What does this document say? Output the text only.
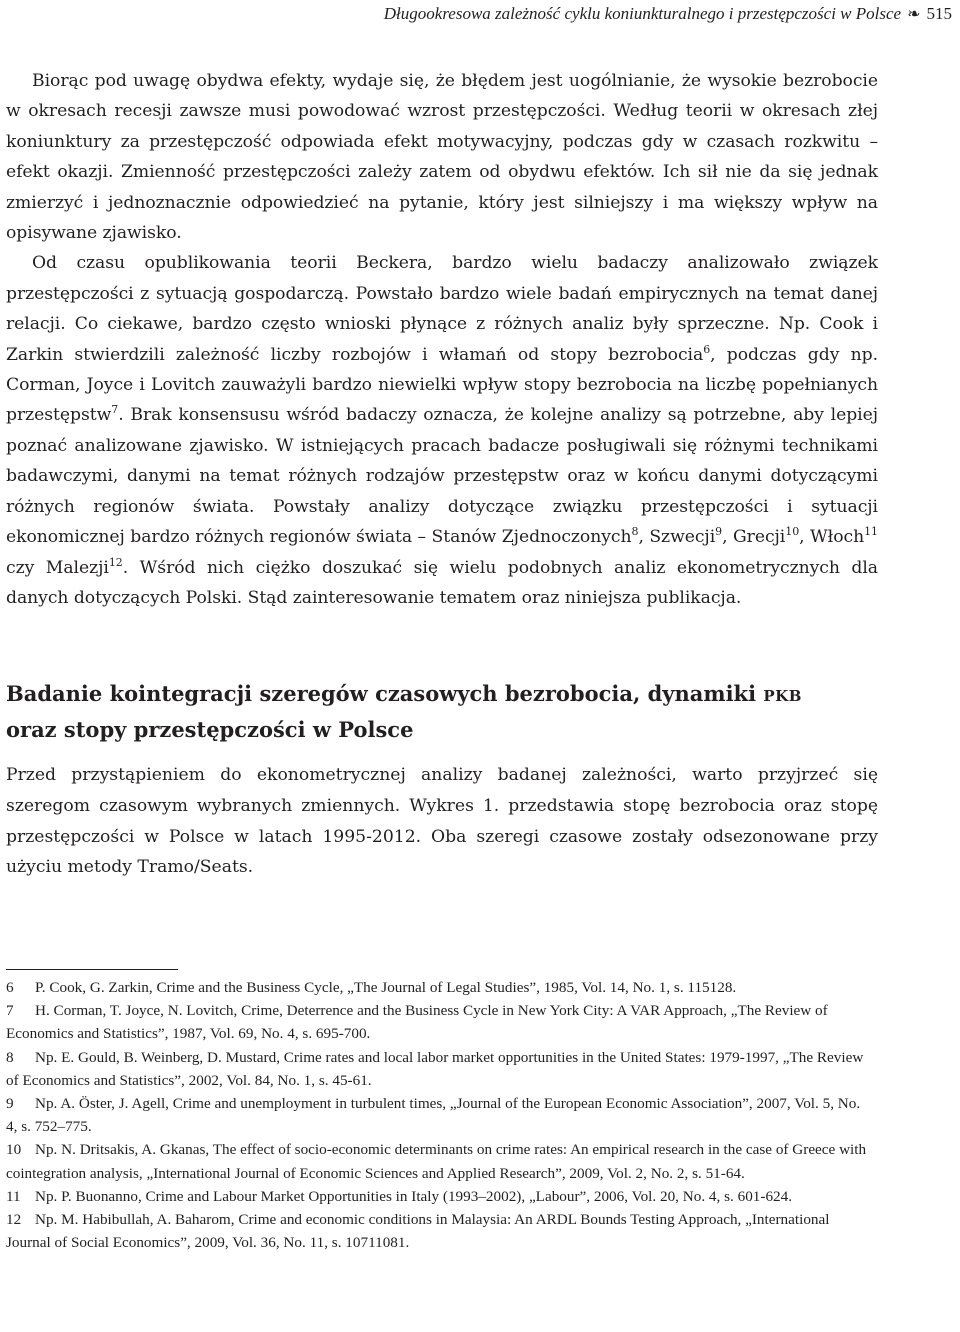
Długookresowa zależność cyklu koniunkturalnego i przestępczości w Polsce ❧ 515

Biorąc pod uwagę obydwa efekty, wydaje się, że błędem jest uogólnianie, że wysokie bezrobocie w okresach recesji zawsze musi powodować wzrost przestępczości. Według teorii w okresach złej koniunktury za przestępczość odpowiada efekt motywacyjny, podczas gdy w czasach rozkwitu – efekt okazji. Zmienność przestępczości zależy zatem od obydwu efektów. Ich sił nie da się jednak zmierzyć i jednoznacznie odpowiedzieć na pytanie, który jest silniejszy i ma większy wpływ na opisywane zjawisko.

Od czasu opublikowania teorii Beckera, bardzo wielu badaczy analizowało związek przestępczości z sytuacją gospodarczą. Powstało bardzo wiele badań empirycznych na temat danej relacji. Co ciekawe, bardzo często wnioski płynące z różnych analiz były sprzeczne. Np. Cook i Zarkin stwierdzili zależność liczby rozbojów i włamań od stopy bezrobocia$^6$, podczas gdy np. Corman, Joyce i Lovitch zauważyli bardzo niewielki wpływ stopy bezrobocia na liczbę popełnianych przestępstw$^7$. Brak konsensusu wśród badaczy oznacza, że kolejne analizy są potrzebne, aby lepiej poznać analizowane zjawisko. W istniejących pracach badacze posługiwali się różnymi technikami badawczymi, danymi na temat różnych rodzajów przestępstw oraz w końcu danymi dotyczącymi różnych regionów świata. Powstały analizy dotyczące związku przestępczości i sytuacji ekonomicznej bardzo różnych regionów świata – Stanów Zjednoczonych$^8$, Szwecji$^9$, Grecji$^{10}$, Włoch$^{11}$ czy Malezji$^{12}$. Wśród nich ciężko doszukać się wielu podobnych analiz ekonometrycznych dla danych dotyczących Polski. Stąd zainteresowanie tematem oraz niniejsza publikacja.

Badanie kointegracji szeregów czasowych bezrobocia, dynamiki pkb
oraz stopy przestępczości w Polsce

Przed przystąpieniem do ekonometrycznej analizy badanej zależności, warto przyjrzeć się szeregom czasowym wybranych zmiennych. Wykres 1. przedstawia stopę bezrobocia oraz stopę przestępczości w Polsce w latach 1995-2012. Oba szeregi czasowe zostały odsezonowane przy użyciu metody Tramo/Seats.

6 P. Cook, G. Zarkin, Crime and the Business Cycle, „The Journal of Legal Studies”, 1985, Vol. 14, No. 1, s. 115128.

7 H. Corman, T. Joyce, N. Lovitch, Crime, Deterrence and the Business Cycle in New York City: A VAR Approach, „The Review of Economics and Statistics”, 1987, Vol. 69, No. 4, s. 695-700.

8 Np. E. Gould, B. Weinberg, D. Mustard, Crime rates and local labor market opportunities in the United States: 1979-1997, „The Review of Economics and Statistics”, 2002, Vol. 84, No. 1, s. 45-61.

9 Np. A. Öster, J. Agell, Crime and unemployment in turbulent times, „Journal of the European Economic Association”, 2007, Vol. 5, No. 4, s. 752–775.

10 Np. N. Dritsakis, A. Gkanas, The effect of socio-economic determinants on crime rates: An empirical research in the case of Greece with cointegration analysis, „International Journal of Economic Sciences and Applied Research”, 2009, Vol. 2, No. 2, s. 51-64.

11 Np. P. Buonanno, Crime and Labour Market Opportunities in Italy (1993–2002), „Labour”, 2006, Vol. 20, No. 4, s. 601-624.

12 Np. M. Habibullah, A. Baharom, Crime and economic conditions in Malaysia: An ARDL Bounds Testing Approach, „International Journal of Social Economics”, 2009, Vol. 36, No. 11, s. 10711081.
